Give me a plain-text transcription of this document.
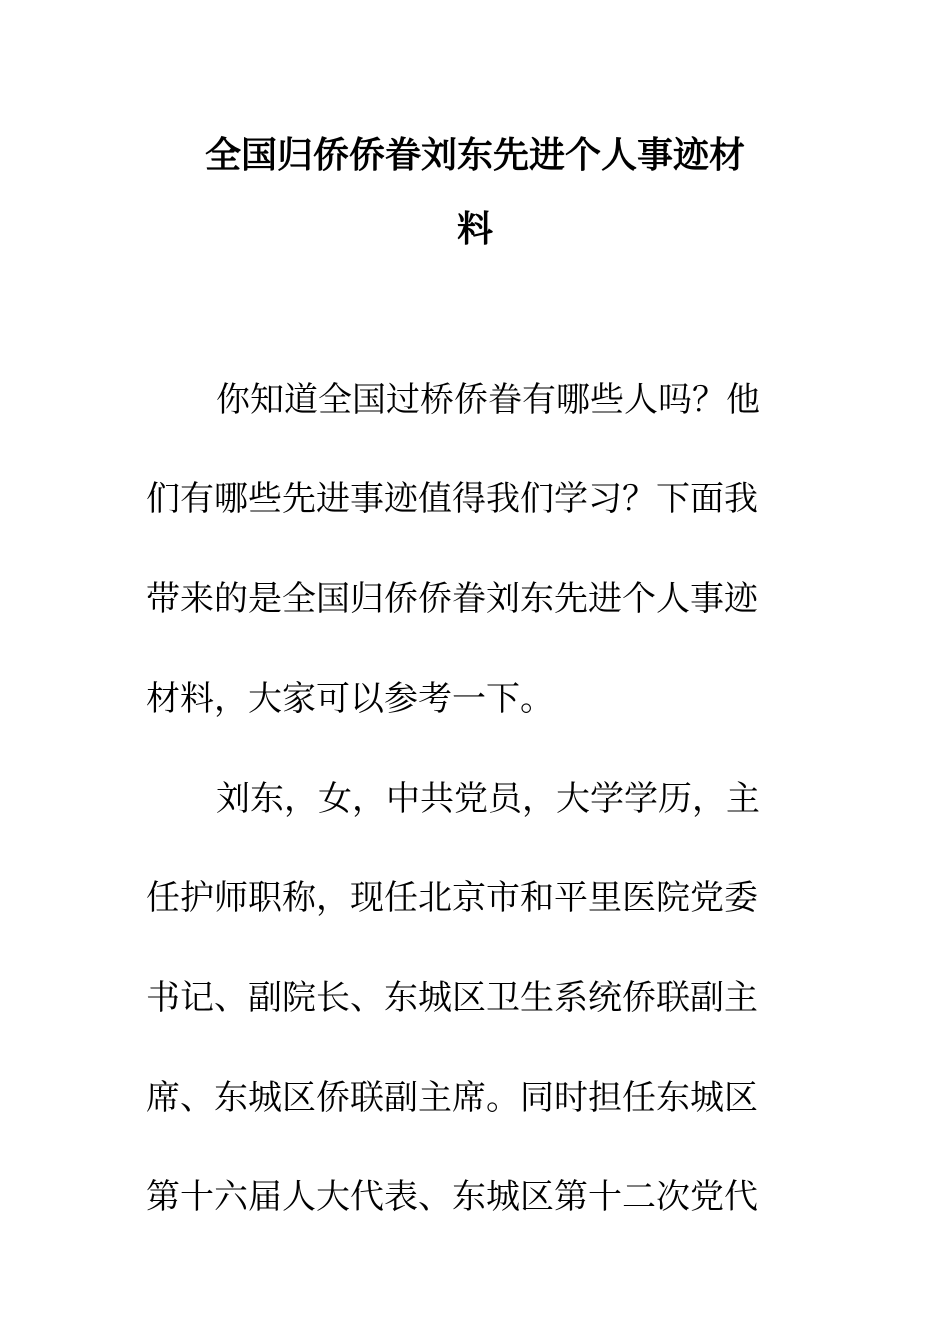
全国归侨侨眷刘东先进个人事迹材
料

你知道全国过桥侨眷有哪些人吗？他

们有哪些先进事迹值得我们学习？下面我

带来的是全国归侨侨眷刘东先进个人事迹

材料，大家可以参考一下。

刘东，女，中共党员，大学学历，主

任护师职称，现任北京市和平里医院党委

书记、副院长、东城区卫生系统侨联副主

席、东城区侨联副主席。同时担任东城区

第十六届人大代表、东城区第十二次党代
